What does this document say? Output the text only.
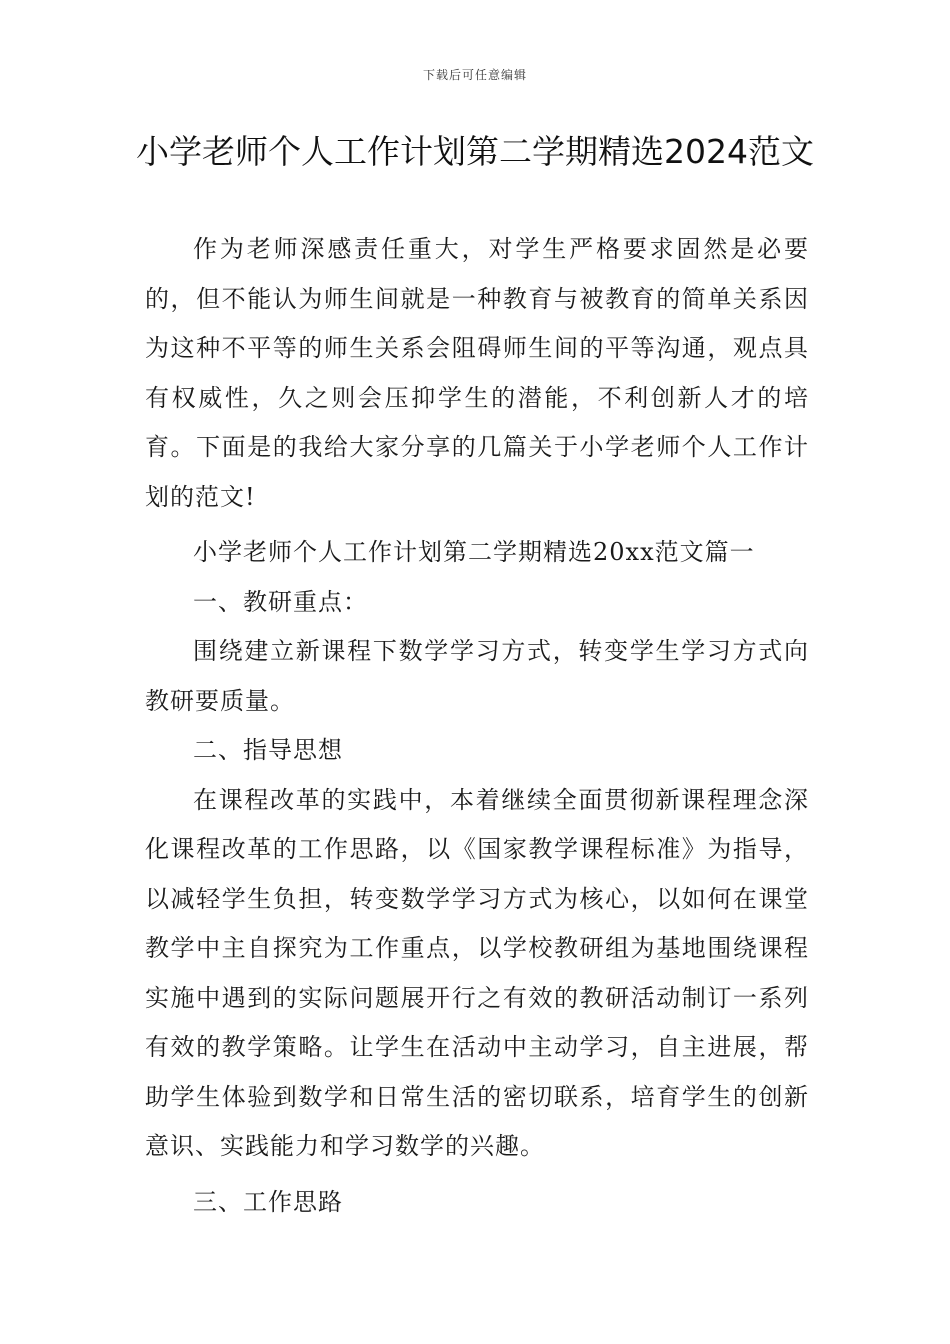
下载后可任意编辑
小学老师个人工作计划第二学期精选2024范文

作为老师深感责任重大，对学生严格要求固然是必要的，但不能认为师生间就是一种教育与被教育的简单关系因为这种不平等的师生关系会阻碍师生间的平等沟通，观点具有权威性，久之则会压抑学生的潜能，不利创新人才的培育。下面是的我给大家分享的几篇关于小学老师个人工作计划的范文!

小学老师个人工作计划第二学期精选20xx范文篇一

一、教研重点：

围绕建立新课程下数学学习方式，转变学生学习方式向教研要质量。

二、指导思想

在课程改革的实践中，本着继续全面贯彻新课程理念深化课程改革的工作思路，以《国家教学课程标准》为指导，以减轻学生负担，转变数学学习方式为核心，以如何在课堂教学中主自探究为工作重点，以学校教研组为基地围绕课程实施中遇到的实际问题展开行之有效的教研活动制订一系列有效的教学策略。让学生在活动中主动学习，自主进展，帮助学生体验到数学和日常生活的密切联系，培育学生的创新意识、实践能力和学习数学的兴趣。

三、工作思路
